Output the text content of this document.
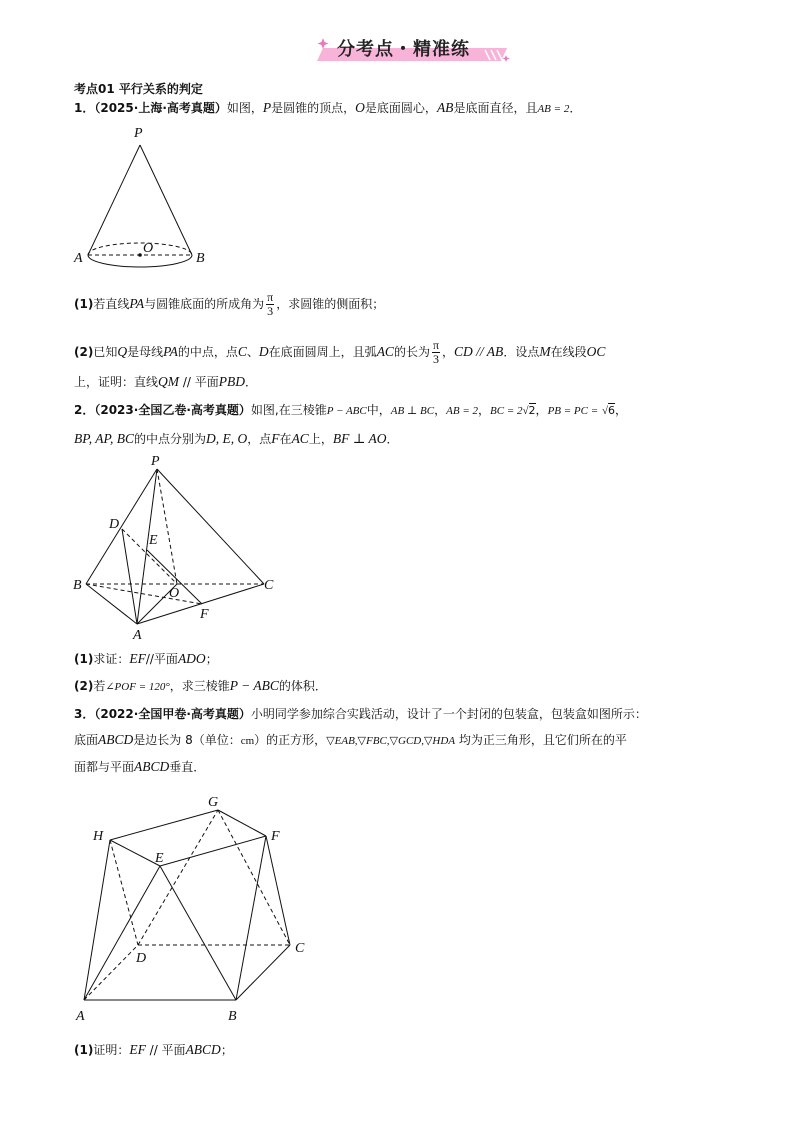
分考点・精准练
考点01 平行关系的判定
1．（2025·上海·高考真题）如图，P是圆锥的顶点，O是底面圆心，AB是底面直径，且AB = 2．
P
O
A	B
(1)若直线PA与圆锥底面的所成角为 $\frac{\pi}{3}$ ，求圆锥的侧面积；
(2)已知Q是母线PA的中点，点C、D在底面圆周上，且弧AC的长为 $\frac{\pi}{3}$ ，CD // AB．设点M在线段OC
上，证明：直线QM // 平面PBD．
2．（2023·全国乙卷·高考真题）如图,在三棱锥P − ABC中，AB ⊥ BC，AB = 2，BC = 2√2，PB = PC = √6，
BP, AP, BC的中点分别为D, E, O，点F在AC上，BF ⊥ AO．
P
D
E
B
O
C
F
A
(1)求证：EF//平面ADO；
(2)若∠POF = 120°，求三棱锥P − ABC的体积．
3．（2022·全国甲卷·高考真题）小明同学参加综合实践活动，设计了一个封闭的包装盒，包装盒如图所示：
底面ABCD是边长为 8（单位：cm）的正方形，▽EAB,▽FBC,▽GCD,▽HDA 均为正三角形，且它们所在的平
面都与平面ABCD垂直．
G
H
E
F
D
C
A	B
(1)证明：EF // 平面ABCD；
